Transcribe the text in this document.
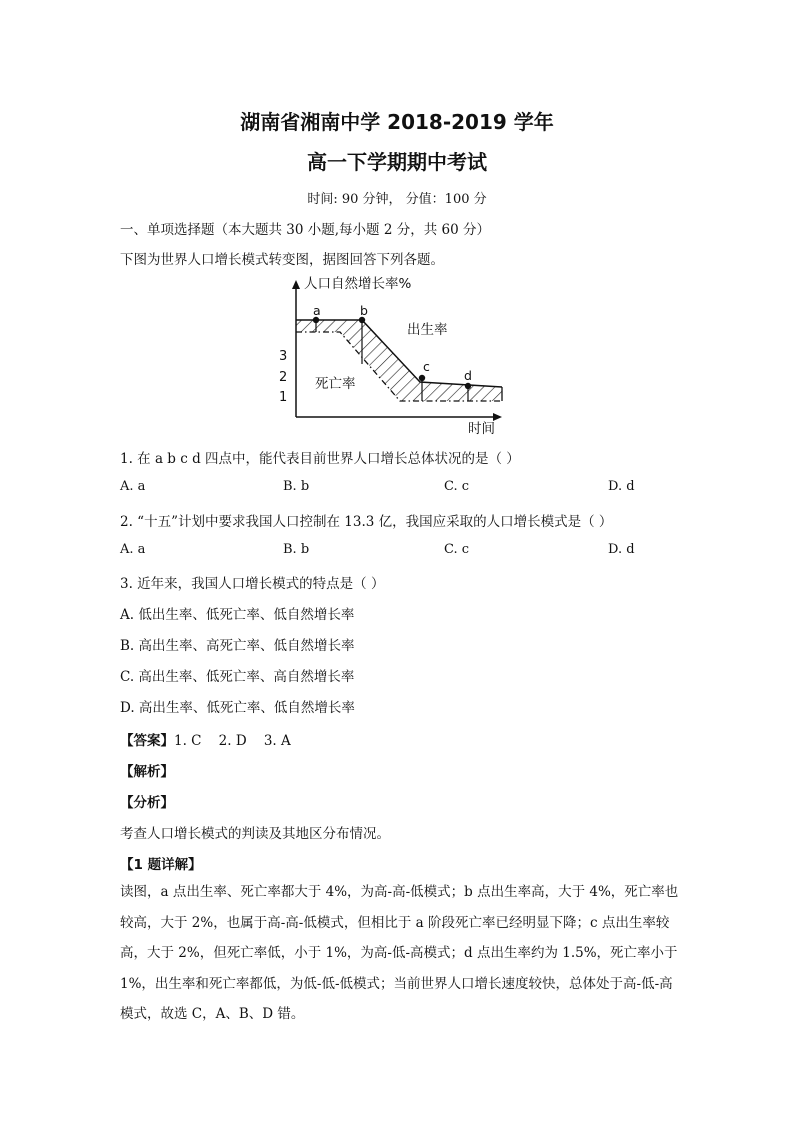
湖南省湘南中学 2018-2019 学年
高一下学期期中考试
时间: 90 分钟， 分值：100 分
一、单项选择题（本大题共 30 小题,每小题 2 分，共 60 分）
下图为世界人口增长模式转变图，据图回答下列各题。
人口自然增长率%
时间
3
2
1
a	b
c
d
出生率
死亡率
1. 在 a b c d 四点中，能代表目前世界人口增长总体状况的是（ ）
A. a	B. b	C. c	D. d
2. “十五”计划中要求我国人口控制在 13.3 亿，我国应采取的人口增长模式是（ ）
A. a	B. b	C. c	D. d
3. 近年来，我国人口增长模式的特点是（ ）
A. 低出生率、低死亡率、低自然增长率
B. 高出生率、高死亡率、低自然增长率
C. 高出生率、低死亡率、高自然增长率
D. 高出生率、低死亡率、低自然增长率
【答案】1. C    2. D    3. A
【解析】
【分析】
考查人口增长模式的判读及其地区分布情况。
【1 题详解】
读图，a 点出生率、死亡率都大于 4%，为高-高-低模式；b 点出生率高，大于 4%，死亡率也较高，大于 2%，也属于高-高-低模式，但相比于 a 阶段死亡率已经明显下降；c 点出生率较高，大于 2%，但死亡率低，小于 1%，为高-低-高模式；d 点出生率约为 1.5%，死亡率小于 1%，出生率和死亡率都低，为低-低-低模式；当前世界人口增长速度较快，总体处于高-低-高模式，故选 C，A、B、D 错。
